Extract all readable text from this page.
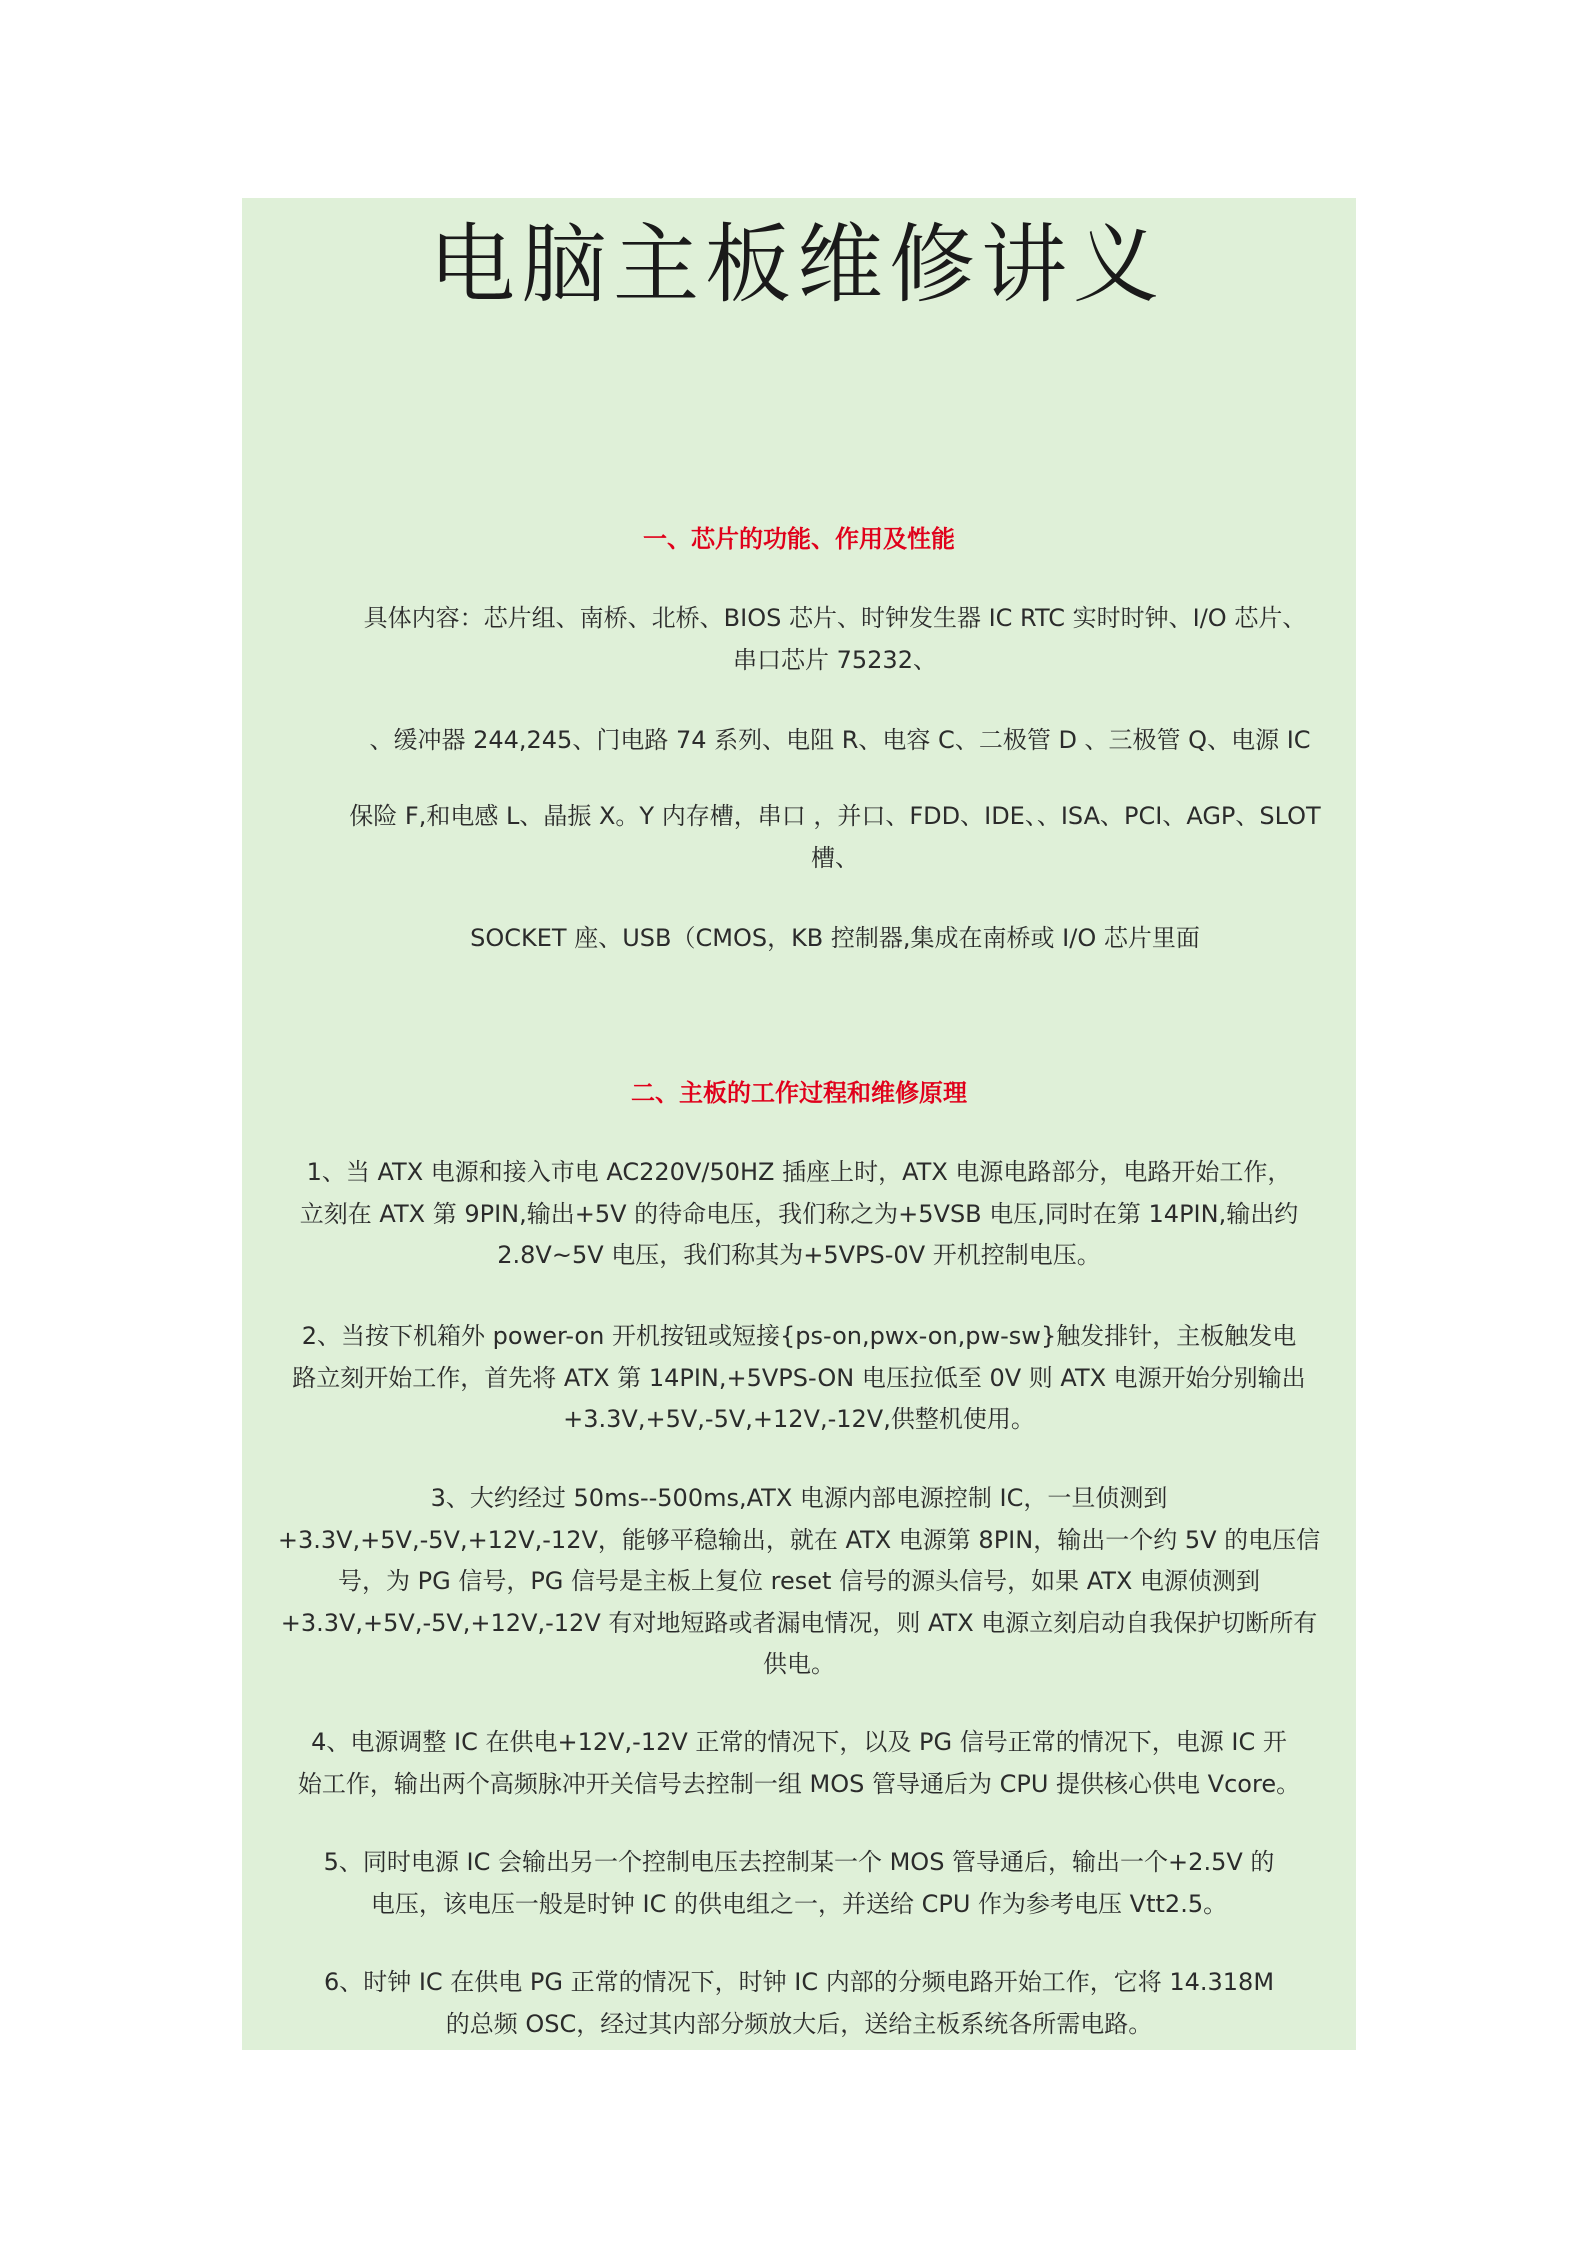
电脑主板维修讲义
一、芯片的功能、作用及性能

具体内容：芯片组、南桥、北桥、BIOS 芯片、时钟发生器 IC RTC 实时时钟、I/O 芯片、
串口芯片 75232、

、缓冲器 244,245、门电路 74 系列、电阻 R、电容 C、二极管 D 、三极管 Q、电源 IC

保险 F,和电感 L、晶振 X。Y 内存槽，串口 ，并口、FDD、IDE、、ISA、PCI、AGP、SLOT
槽、

SOCKET 座、USB（CMOS，KB 控制器,集成在南桥或 I/O 芯片里面

二、主板的工作过程和维修原理

1、当 ATX 电源和接入市电 AC220V/50HZ 插座上时，ATX 电源电路部分，电路开始工作，
立刻在 ATX 第 9PIN,输出+5V 的待命电压，我们称之为+5VSB 电压,同时在第 14PIN,输出约
2.8V~5V 电压，我们称其为+5VPS-0V 开机控制电压。

2、当按下机箱外 power-on 开机按钮或短接{ps-on,pwx-on,pw-sw}触发排针，主板触发电
路立刻开始工作，首先将 ATX 第 14PIN,+5VPS-ON 电压拉低至 0V 则 ATX 电源开始分别输出
+3.3V,+5V,-5V,+12V,-12V,供整机使用。

3、大约经过 50ms--500ms,ATX 电源内部电源控制 IC，一旦侦测到
+3.3V,+5V,-5V,+12V,-12V，能够平稳输出，就在 ATX 电源第 8PIN，输出一个约 5V 的电压信
号，为 PG 信号，PG 信号是主板上复位 reset 信号的源头信号，如果 ATX 电源侦测到
+3.3V,+5V,-5V,+12V,-12V 有对地短路或者漏电情况，则 ATX 电源立刻启动自我保护切断所有
供电。

4、电源调整 IC 在供电+12V,-12V 正常的情况下，以及 PG 信号正常的情况下，电源 IC 开
始工作，输出两个高频脉冲开关信号去控制一组 MOS 管导通后为 CPU 提供核心供电 Vcore。

5、同时电源 IC 会输出另一个控制电压去控制某一个 MOS 管导通后，输出一个+2.5V 的
电压，该电压一般是时钟 IC 的供电组之一，并送给 CPU 作为参考电压 Vtt2.5。

6、时钟 IC 在供电 PG 正常的情况下，时钟 IC 内部的分频电路开始工作，它将 14.318M
的总频 OSC，经过其内部分频放大后，送给主板系统各所需电路。
